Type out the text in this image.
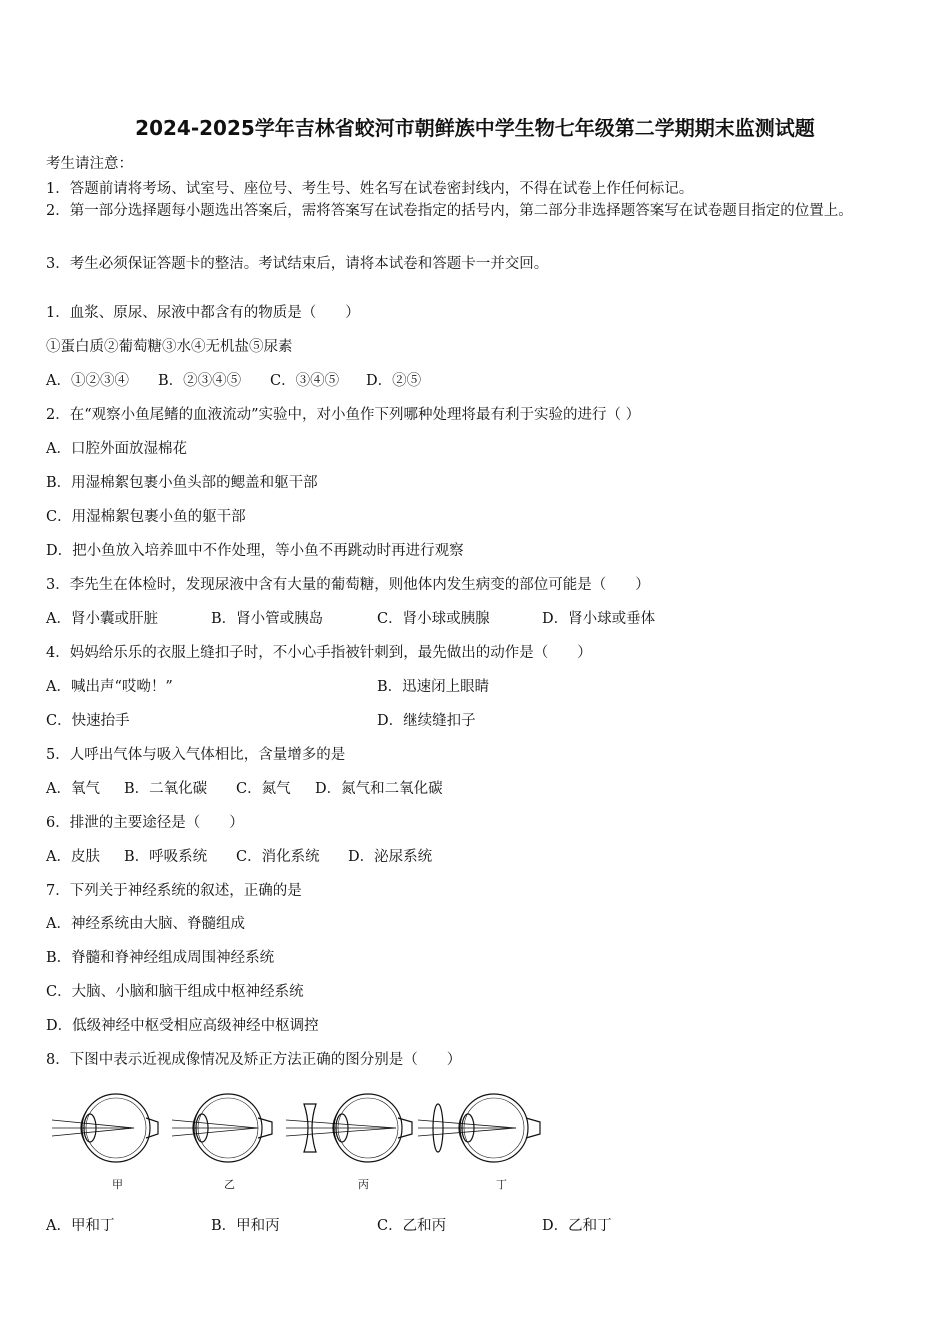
2024-2025学年吉林省蛟河市朝鲜族中学生物七年级第二学期期末监测试题
考生请注意：
1．答题前请将考场、试室号、座位号、考生号、姓名写在试卷密封线内，不得在试卷上作任何标记。
2．第一部分选择题每小题选出答案后，需将答案写在试卷指定的括号内，第二部分非选择题答案写在试卷题目指定的位置上。
3．考生必须保证答题卡的整洁。考试结束后，请将本试卷和答题卡一并交回。
1．血浆、原尿、尿液中都含有的物质是（　　）
①蛋白质②葡萄糖③水④无机盐⑤尿素
A．①②③④ B．②③④⑤ C．③④⑤ D．②⑤
2．在“观察小鱼尾鳍的血液流动”实验中，对小鱼作下列哪种处理将最有利于实验的进行（ ）
A．口腔外面放湿棉花
B．用湿棉絮包裹小鱼头部的鳃盖和躯干部
C．用湿棉絮包裹小鱼的躯干部
D．把小鱼放入培养皿中不作处理，等小鱼不再跳动时再进行观察
3．李先生在体检时，发现尿液中含有大量的葡萄糖，则他体内发生病变的部位可能是（　　）
A．肾小囊或肝脏	B．肾小管或胰岛	C．肾小球或胰腺	D．肾小球或垂体
4．妈妈给乐乐的衣服上缝扣子时，不小心手指被针刺到，最先做出的动作是（　　）
A．喊出声“哎呦！”	B．迅速闭上眼睛
C．快速抬手	D．继续缝扣子
5．人呼出气体与吸入气体相比，含量增多的是
A．氧气 B．二氧化碳 C．氮气 D．氮气和二氧化碳
6．排泄的主要途径是（　　）
A．皮肤 B．呼吸系统 C．消化系统 D．泌尿系统
7．下列关于神经系统的叙述，正确的是
A．神经系统由大脑、脊髓组成
B．脊髓和脊神经组成周围神经系统
C．大脑、小脑和脑干组成中枢神经系统
D．低级神经中枢受相应高级神经中枢调控
8．下图中表示近视成像情况及矫正方法正确的图分别是（　　）
甲	乙	丙	丁
A．甲和丁	B．甲和丙	C．乙和丙	D．乙和丁
